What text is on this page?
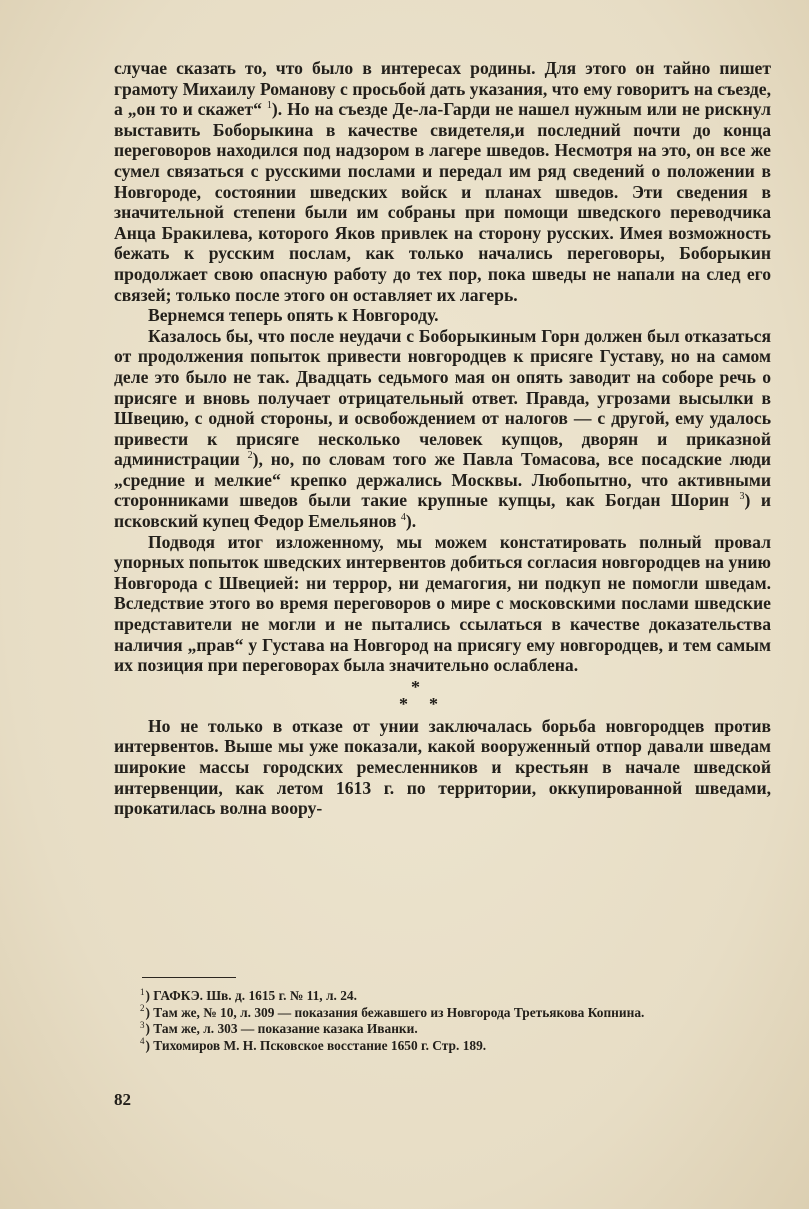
случае сказать то, что было в интересах родины. Для этого он тайно пишет грамоту Михаилу Романову с просьбой дать указания, что ему говоритъ на съезде, а „он то и скажет“ $^1$). Но на съезде Де-ла-Гарди не нашел нужным или не рискнул выставить Боборыкина в качестве свидетеля,и последний почти до конца переговоров находился под надзором в лагере шведов. Несмотря на это, он все же сумел связаться с русскими послами и передал им ряд сведений о положении в Новгороде, состоянии шведских войск и планах шведов. Эти сведения в значительной степени были им собраны при помощи шведского переводчика Анца Бракилева, которого Яков привлек на сторону русских. Имея возможность бежать к русским послам, как только начались переговоры, Боборыкин продолжает свою опасную работу до тех пор, пока шведы не напали на след его связей; только после этого он оставляет их лагерь.

Вернемся теперь опять к Новгороду.

Казалось бы, что после неудачи с Боборыкиным Горн должен был отказаться от продолжения попыток привести новгородцев к присяге Густаву, но на самом деле это было не так. Двадцать седьмого мая он опять заводит на соборе речь о присяге и вновь получает отрицательный ответ. Правда, угрозами высылки в Швецию, с одной стороны, и освобождением от налогов — с другой, ему удалось привести к присяге несколько человек купцов, дворян и приказной администрации $^2$), но, по словам того же Павла Томасова, все посадские люди „средние и мелкие“ крепко держались Москвы. Любопытно, что активными сторонниками шведов были такие крупные купцы, как Богдан Шорин $^3$) и псковский купец Федор Емельянов $^4$).

Подводя итог изложенному, мы можем констатировать полный провал упорных попыток шведских интервентов добиться согласия новгородцев на унию Новгорода с Швецией: ни террор, ни демагогия, ни подкуп не помогли шведам. Вследствие этого во время переговоров о мире с московскими послами шведские представители не могли и не пытались ссылаться в качестве доказательства наличия „прав“ у Густава на Новгород на присягу ему новгородцев, и тем самым их позиция при переговорах была значительно ослаблена.

*
* *

Но не только в отказе от унии заключалась борьба новгородцев против интервентов. Выше мы уже показали, какой вооруженный отпор давали шведам широкие массы городских ремесленников и крестьян в начале шведской интервенции, как летом 1613 г. по территории, оккупированной шведами, прокатилась волна воору-

$^1$) ГАФКЭ. Шв. д. 1615 г. № 11, л. 24.

$^2$) Там же, № 10, л. 309 — показания бежавшего из Новгорода Третьякова Копнина.

$^3$) Там же, л. 303 — показание казака Иванки.

$^4$) Тихомиров М. Н. Псковское восстание 1650 г. Стр. 189.

82
